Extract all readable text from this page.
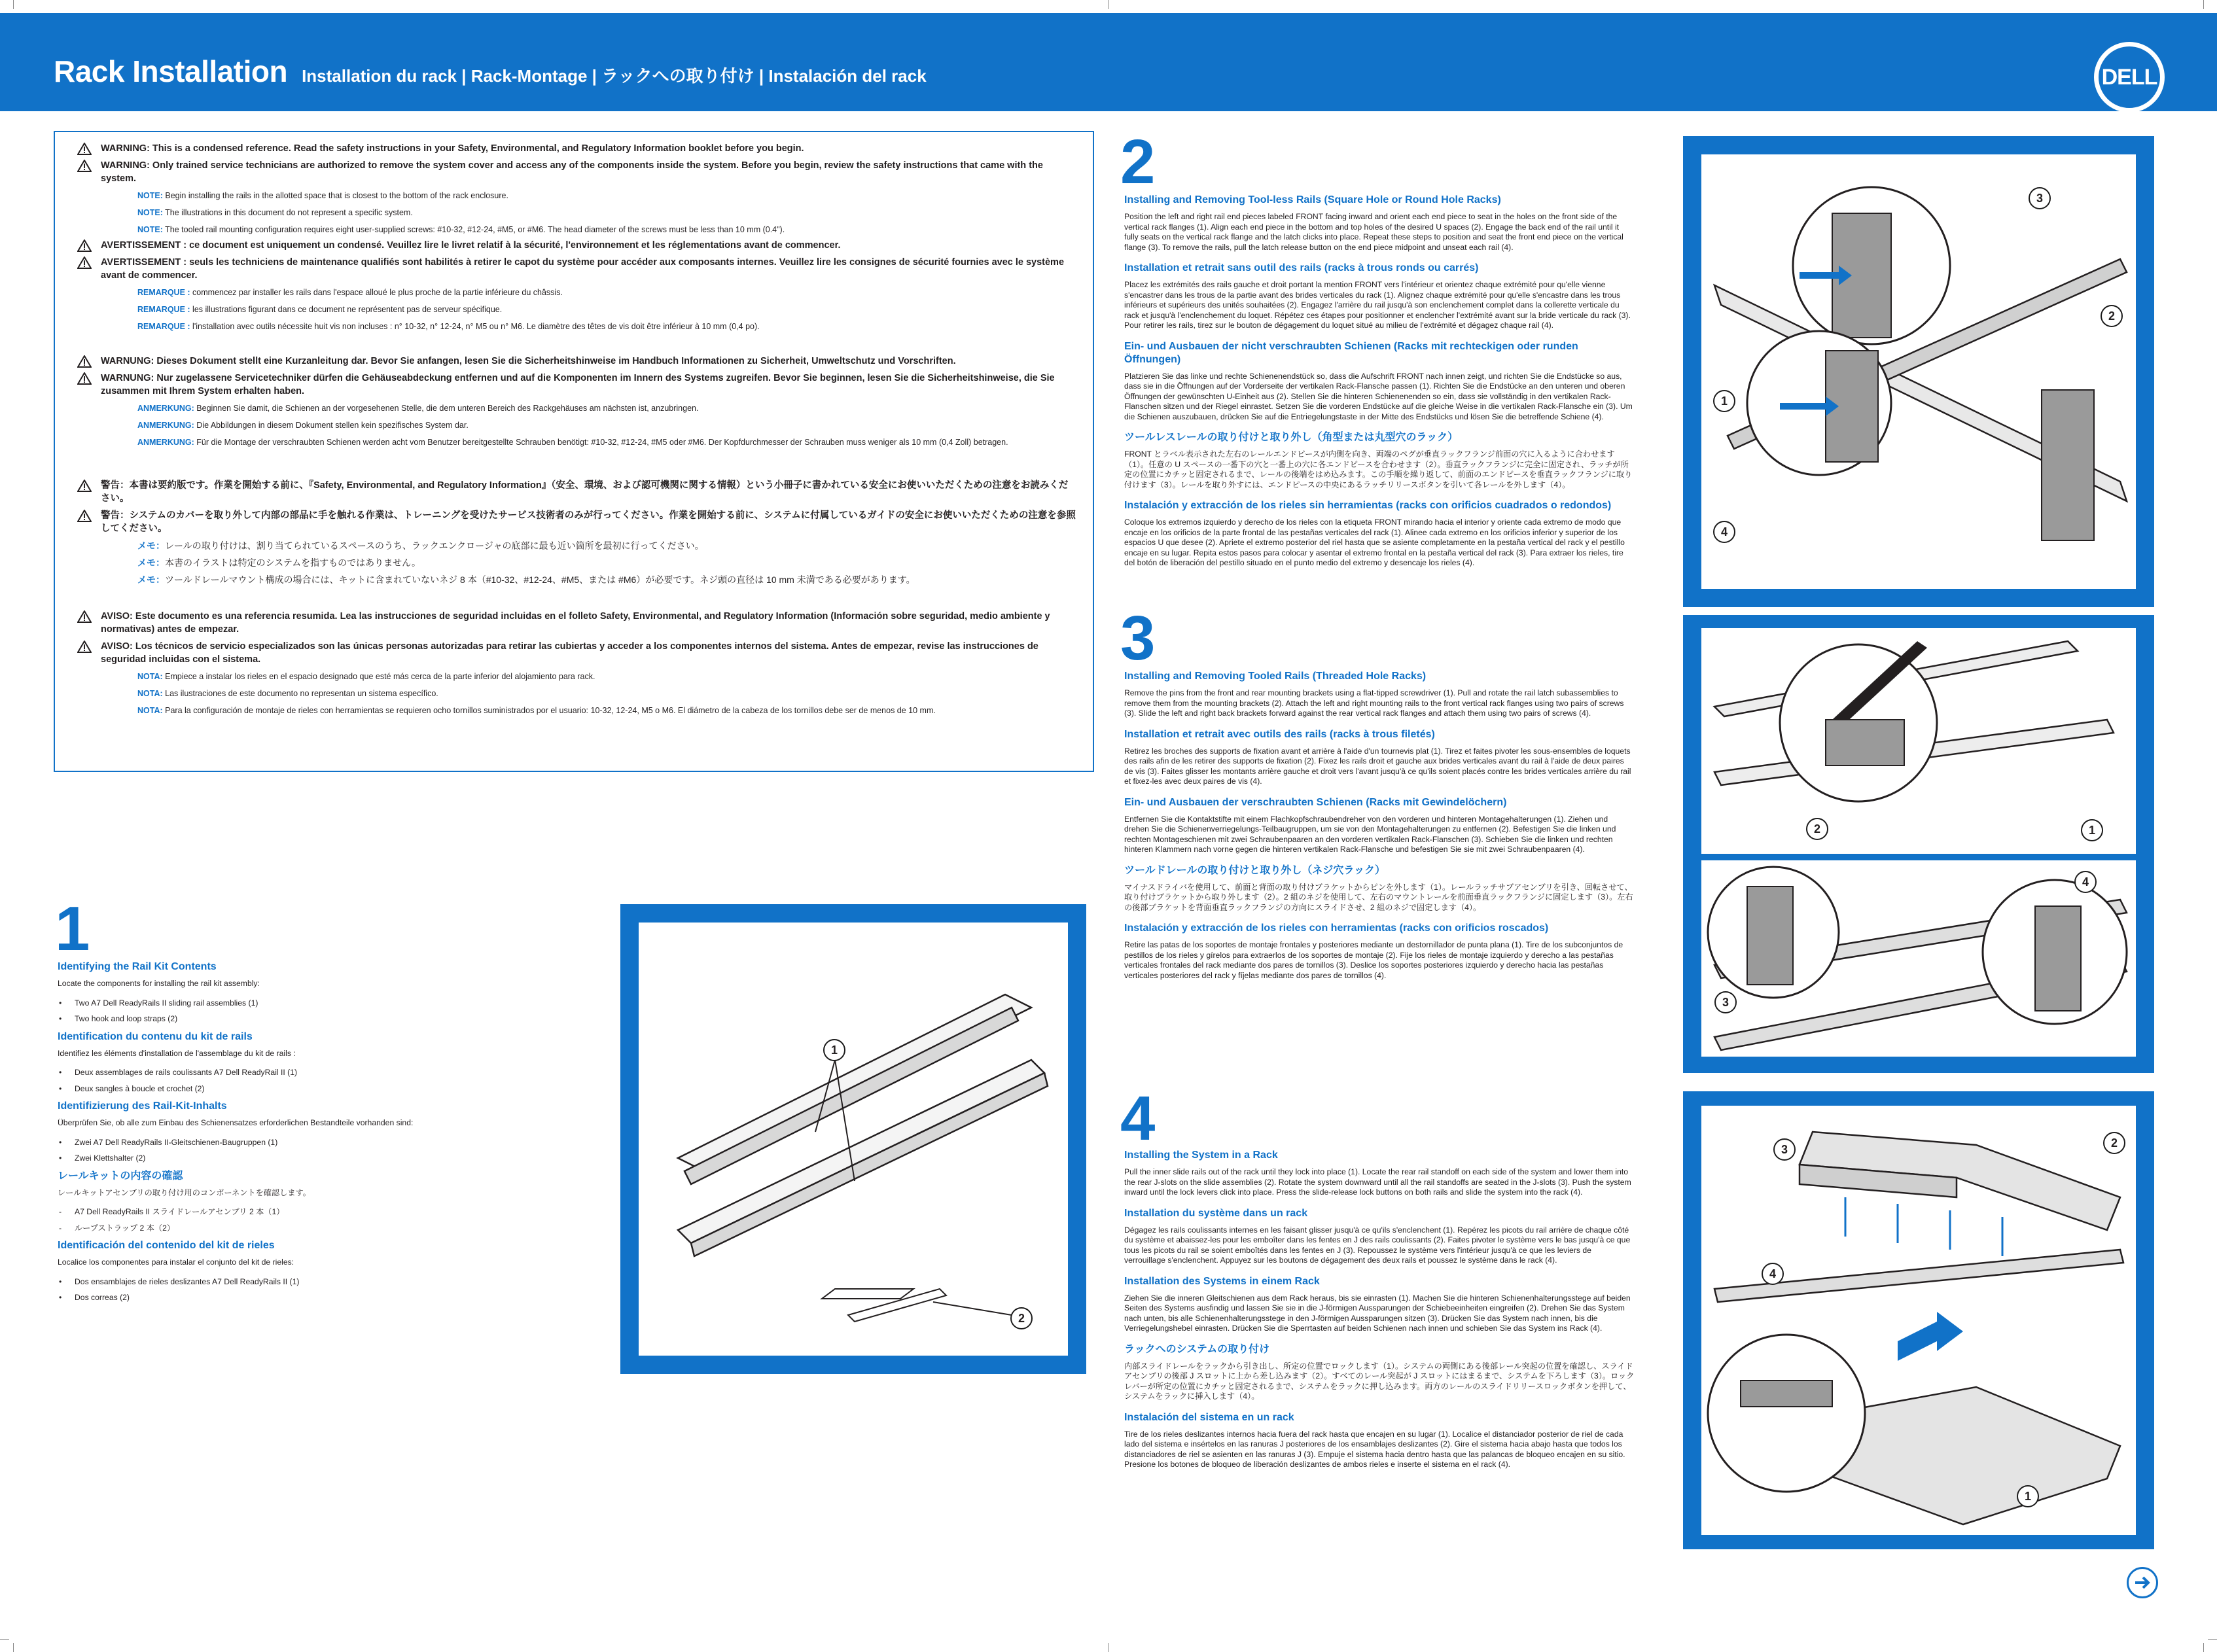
Rack Installation Installation du rack | Rack-Montage | ラックへの取り付け | Instalación del rack	DELL
WARNING: This is a condensed reference. Read the safety instructions in your Safety, Environmental, and Regulatory Information booklet before you begin.
WARNING: Only trained service technicians are authorized to remove the system cover and access any of the components inside the system. Before you begin, review the safety instructions that came with the system.
NOTE: Begin installing the rails in the allotted space that is closest to the bottom of the rack enclosure.
NOTE: The illustrations in this document do not represent a specific system.
NOTE: The tooled rail mounting configuration requires eight user-supplied screws: #10-32, #12-24, #M5, or #M6. The head diameter of the screws must be less than 10 mm (0.4").
AVERTISSEMENT : ce document est uniquement un condensé. Veuillez lire le livret relatif à la sécurité, l'environnement et les réglementations avant de commencer.
AVERTISSEMENT : seuls les techniciens de maintenance qualifiés sont habilités à retirer le capot du système pour accéder aux composants internes. Veuillez lire les consignes de sécurité fournies avec le système avant de commencer.
REMARQUE : commencez par installer les rails dans l'espace alloué le plus proche de la partie inférieure du châssis.
REMARQUE : les illustrations figurant dans ce document ne représentent pas de serveur spécifique.
REMARQUE : l'installation avec outils nécessite huit vis non incluses : n° 10-32, n° 12-24, n° M5 ou n° M6. Le diamètre des têtes de vis doit être inférieur à 10 mm (0,4 po).
WARNUNG: Dieses Dokument stellt eine Kurzanleitung dar. Bevor Sie anfangen, lesen Sie die Sicherheitshinweise im Handbuch Informationen zu Sicherheit, Umweltschutz und Vorschriften.
WARNUNG: Nur zugelassene Servicetechniker dürfen die Gehäuseabdeckung entfernen und auf die Komponenten im Innern des Systems zugreifen. Bevor Sie beginnen, lesen Sie die Sicherheitshinweise, die Sie zusammen mit Ihrem System erhalten haben.
ANMERKUNG: Beginnen Sie damit, die Schienen an der vorgesehenen Stelle, die dem unteren Bereich des Rackgehäuses am nächsten ist, anzubringen.
ANMERKUNG: Die Abbildungen in diesem Dokument stellen kein spezifisches System dar.
ANMERKUNG: Für die Montage der verschraubten Schienen werden acht vom Benutzer bereitgestellte Schrauben benötigt: #10-32, #12-24, #M5 oder #M6. Der Kopfdurchmesser der Schrauben muss weniger als 10 mm (0,4 Zoll) betragen.
警告：本書は要約版です。作業を開始する前に、『Safety, Environmental, and Regulatory Information』（安全、環境、および認可機関に関する情報）という小冊子に書かれている安全にお使いいただくための注意をお読みください。
警告：システムのカバーを取り外して内部の部品に手を触れる作業は、トレーニングを受けたサービス技術者のみが行ってください。作業を開始する前に、システムに付属しているガイドの安全にお使いいただくための注意を参照してください。
メモ：レールの取り付けは、割り当てられているスペースのうち、ラックエンクロージャの底部に最も近い箇所を最初に行ってください。
メモ：本書のイラストは特定のシステムを指すものではありません。
メモ：ツールドレールマウント構成の場合には、キットに含まれていないネジ 8 本（#10-32、#12-24、#M5、または #M6）が必要です。ネジ頭の直径は 10 mm 未満である必要があります。
AVISO: Este documento es una referencia resumida. Lea las instrucciones de seguridad incluidas en el folleto Safety, Environmental, and Regulatory Information (Información sobre seguridad, medio ambiente y normativas) antes de empezar.
AVISO: Los técnicos de servicio especializados son las únicas personas autorizadas para retirar las cubiertas y acceder a los componentes internos del sistema. Antes de empezar, revise las instrucciones de seguridad incluidas con el sistema.
NOTA: Empiece a instalar los rieles en el espacio designado que esté más cerca de la parte inferior del alojamiento para rack.
NOTA: Las ilustraciones de este documento no representan un sistema específico.
NOTA: Para la configuración de montaje de rieles con herramientas se requieren ocho tornillos suministrados por el usuario: 10-32, 12-24, M5 o M6. El diámetro de la cabeza de los tornillos debe ser de menos de 10 mm.
1
Identifying the Rail Kit Contents
Locate the components for installing the rail kit assembly:
• Two A7 Dell ReadyRails II sliding rail assemblies (1)
• Two hook and loop straps (2)
Identification du contenu du kit de rails
Identifiez les éléments d'installation de l'assemblage du kit de rails :
• Deux assemblages de rails coulissants A7 Dell ReadyRail II (1)
• Deux sangles à boucle et crochet (2)
Identifizierung des Rail-Kit-Inhalts
Überprüfen Sie, ob alle zum Einbau des Schienensatzes erforderlichen Bestandteile vorhanden sind:
• Zwei A7 Dell ReadyRails II-Gleitschienen-Baugruppen (1)
• Zwei Klettshalter (2)
レールキットの内容の確認
レールキットアセンブリの取り付け用のコンポーネントを確認します。
- A7 Dell ReadyRails II スライドレールアセンブリ 2 本（1）
- ループストラップ 2 本（2）
Identificación del contenido del kit de rieles
Localice los componentes para instalar el conjunto del kit de rieles:
• Dos ensamblajes de rieles deslizantes A7 Dell ReadyRails II (1)
• Dos correas (2)
1
2
2
Installing and Removing Tool-less Rails (Square Hole or Round Hole Racks)
Position the left and right rail end pieces labeled FRONT facing inward and orient each end piece to seat in the holes on the front side of the vertical rack flanges (1). Align each end piece in the bottom and top holes of the desired U spaces (2). Engage the back end of the rail until it fully seats on the vertical rack flange and the latch clicks into place. Repeat these steps to position and seat the front end piece on the vertical flange (3). To remove the rails, pull the latch release button on the end piece midpoint and unseat each rail (4).
Installation et retrait sans outil des rails (racks à trous ronds ou carrés)
Placez les extrémités des rails gauche et droit portant la mention FRONT vers l'intérieur et orientez chaque extrémité pour qu'elle vienne s'encastrer dans les trous de la partie avant des brides verticales du rack (1). Alignez chaque extrémité pour qu'elle s'encastre dans les trous inférieurs et supérieurs des unités souhaitées (2). Engagez l'arrière du rail jusqu'à son enclenchement complet dans la collerette verticale du rack et jusqu'à l'enclenchement du loquet. Répétez ces étapes pour positionner et enclencher l'extrémité avant sur la bride verticale du rack (3). Pour retirer les rails, tirez sur le bouton de dégagement du loquet situé au milieu de l'extrémité et dégagez chaque rail (4).
Ein- und Ausbauen der nicht verschraubten Schienen (Racks mit rechteckigen oder runden Öffnungen)
Platzieren Sie das linke und rechte Schienenendstück so, dass die Aufschrift FRONT nach innen zeigt, und richten Sie die Endstücke so aus, dass sie in die Öffnungen auf der Vorderseite der vertikalen Rack-Flansche passen (1). Richten Sie die Endstücke an den unteren und oberen Öffnungen der gewünschten U-Einheit aus (2). Stellen Sie die hinteren Schienenenden so ein, dass sie vollständig in den vertikalen Rack-Flanschen sitzen und der Riegel einrastet. Setzen Sie die vorderen Endstücke auf die gleiche Weise in die vertikalen Rack-Flansche ein (3). Um die Schienen auszubauen, drücken Sie auf die Entriegelungstaste in der Mitte des Endstücks und lösen Sie die betreffende Schiene (4).
ツールレスレールの取り付けと取り外し（角型または丸型穴のラック）
FRONT とラベル表示された左右のレールエンドピースが内側を向き、両端のペグが垂直ラックフランジ前面の穴に入るように合わせます（1）。任意の U スペースの一番下の穴と一番上の穴に各エンドピースを合わせます（2）。垂直ラックフランジに完全に固定され、ラッチが所定の位置にカチッと固定されるまで、レールの後端をはめ込みます。この手順を繰り返して、前面のエンドピースを垂直ラックフランジに取り付けます（3）。レールを取り外すには、エンドピースの中央にあるラッチリリースボタンを引いて各レールを外します（4）。
Instalación y extracción de los rieles sin herramientas (racks con orificios cuadrados o redondos)
Coloque los extremos izquierdo y derecho de los rieles con la etiqueta FRONT mirando hacia el interior y oriente cada extremo de modo que encaje en los orificios de la parte frontal de las pestañas verticales del rack (1). Alinee cada extremo en los orificios inferior y superior de los espacios U que desee (2). Apriete el extremo posterior del riel hasta que se asiente completamente en la pestaña vertical del rack y el pestillo encaje en su lugar. Repita estos pasos para colocar y asentar el extremo frontal en la pestaña vertical del rack (3). Para extraer los rieles, tire del botón de liberación del pestillo situado en el punto medio del extremo y desencaje los rieles (4).
3
2
1
4
3
Installing and Removing Tooled Rails (Threaded Hole Racks)
Remove the pins from the front and rear mounting brackets using a flat-tipped screwdriver (1). Pull and rotate the rail latch subassemblies to remove them from the mounting brackets (2). Attach the left and right mounting rails to the front vertical rack flanges using two pairs of screws (3). Slide the left and right back brackets forward against the rear vertical rack flanges and attach them using two pairs of screws (4).
Installation et retrait avec outils des rails (racks à trous filetés)
Retirez les broches des supports de fixation avant et arrière à l'aide d'un tournevis plat (1). Tirez et faites pivoter les sous-ensembles de loquets des rails afin de les retirer des supports de fixation (2). Fixez les rails droit et gauche aux brides verticales avant du rail à l'aide de deux paires de vis (3). Faites glisser les montants arrière gauche et droit vers l'avant jusqu'à ce qu'ils soient placés contre les brides verticales arrière du rail et fixez-les avec deux paires de vis (4).
Ein- und Ausbauen der verschraubten Schienen (Racks mit Gewindelöchern)
Entfernen Sie die Kontaktstifte mit einem Flachkopfschraubendreher von den vorderen und hinteren Montagehalterungen (1). Ziehen und drehen Sie die Schienenverriegelungs-Teilbaugruppen, um sie von den Montagehalterungen zu entfernen (2). Befestigen Sie die linken und rechten Montageschienen mit zwei Schraubenpaaren an den vorderen vertikalen Rack-Flanschen (3). Schieben Sie die linken und rechten hinteren Klammern nach vorne gegen die hinteren vertikalen Rack-Flansche und befestigen Sie sie mit zwei Schraubenpaaren (4).
ツールドレールの取り付けと取り外し（ネジ穴ラック）
マイナスドライバを使用して、前面と背面の取り付けブラケットからピンを外します（1）。レールラッチサブアセンブリを引き、回転させて、取り付けブラケットから取り外します（2）。2 組のネジを使用して、左右のマウントレールを前面垂直ラックフランジに固定します（3）。左右の後部ブラケットを背面垂直ラックフランジの方向にスライドさせ、2 組のネジで固定します（4）。
Instalación y extracción de los rieles con herramientas (racks con orificios roscados)
Retire las patas de los soportes de montaje frontales y posteriores mediante un destornillador de punta plana (1). Tire de los subconjuntos de pestillos de los rieles y gírelos para extraerlos de los soportes de montaje (2). Fije los rieles de montaje izquierdo y derecho a las pestañas verticales frontales del rack mediante dos pares de tornillos (3). Deslice los soportes posteriores izquierdo y derecho hacia las pestañas verticales posteriores del rack y fíjelas mediante dos pares de tornillos (4).
2	1
4
3
4
Installing the System in a Rack
Pull the inner slide rails out of the rack until they lock into place (1). Locate the rear rail standoff on each side of the system and lower them into the rear J-slots on the slide assemblies (2). Rotate the system downward until all the rail standoffs are seated in the J-slots (3). Push the system inward until the lock levers click into place. Press the slide-release lock buttons on both rails and slide the system into the rack (4).
Installation du système dans un rack
Dégagez les rails coulissants internes en les faisant glisser jusqu'à ce qu'ils s'enclenchent (1). Repérez les picots du rail arrière de chaque côté du système et abaissez-les pour les emboîter dans les fentes en J des rails coulissants (2). Faites pivoter le système vers le bas jusqu'à ce que tous les picots du rail se soient emboîtés dans les fentes en J (3). Repoussez le système vers l'intérieur jusqu'à ce que les leviers de verrouillage s'enclenchent. Appuyez sur les boutons de dégagement des deux rails et poussez le système dans le rack (4).
Installation des Systems in einem Rack
Ziehen Sie die inneren Gleitschienen aus dem Rack heraus, bis sie einrasten (1). Machen Sie die hinteren Schienenhalterungsstege auf beiden Seiten des Systems ausfindig und lassen Sie sie in die J-förmigen Aussparungen der Schiebeeinheiten eingreifen (2). Drehen Sie das System nach unten, bis alle Schienenhalterungsstege in den J-förmigen Aussparungen sitzen (3). Drücken Sie das System nach innen, bis die Verriegelungshebel einrasten. Drücken Sie die Sperrtasten auf beiden Schienen nach innen und schieben Sie das System ins Rack (4).
ラックへのシステムの取り付け
内部スライドレールをラックから引き出し、所定の位置でロックします（1）。システムの両側にある後部レール突起の位置を確認し、スライドアセンブリの後部 J スロットに上から差し込みます（2）。すべてのレール突起が J スロットにはまるまで、システムを下ろします（3）。ロックレバーが所定の位置にカチッと固定されるまで、システムをラックに押し込みます。両方のレールのスライドリリースロックボタンを押して、システムをラックに挿入します（4）。
Instalación del sistema en un rack
Tire de los rieles deslizantes internos hacia fuera del rack hasta que encajen en su lugar (1). Localice el distanciador posterior de riel de cada lado del sistema e insértelos en las ranuras J posteriores de los ensamblajes deslizantes (2). Gire el sistema hacia abajo hasta que todos los distanciadores de riel se asienten en las ranuras J (3). Empuje el sistema hacia dentro hasta que las palancas de bloqueo encajen en su sitio. Presione los botones de bloqueo de liberación deslizantes de ambos rieles e inserte el sistema en el rack (4).
3	2
4
1
